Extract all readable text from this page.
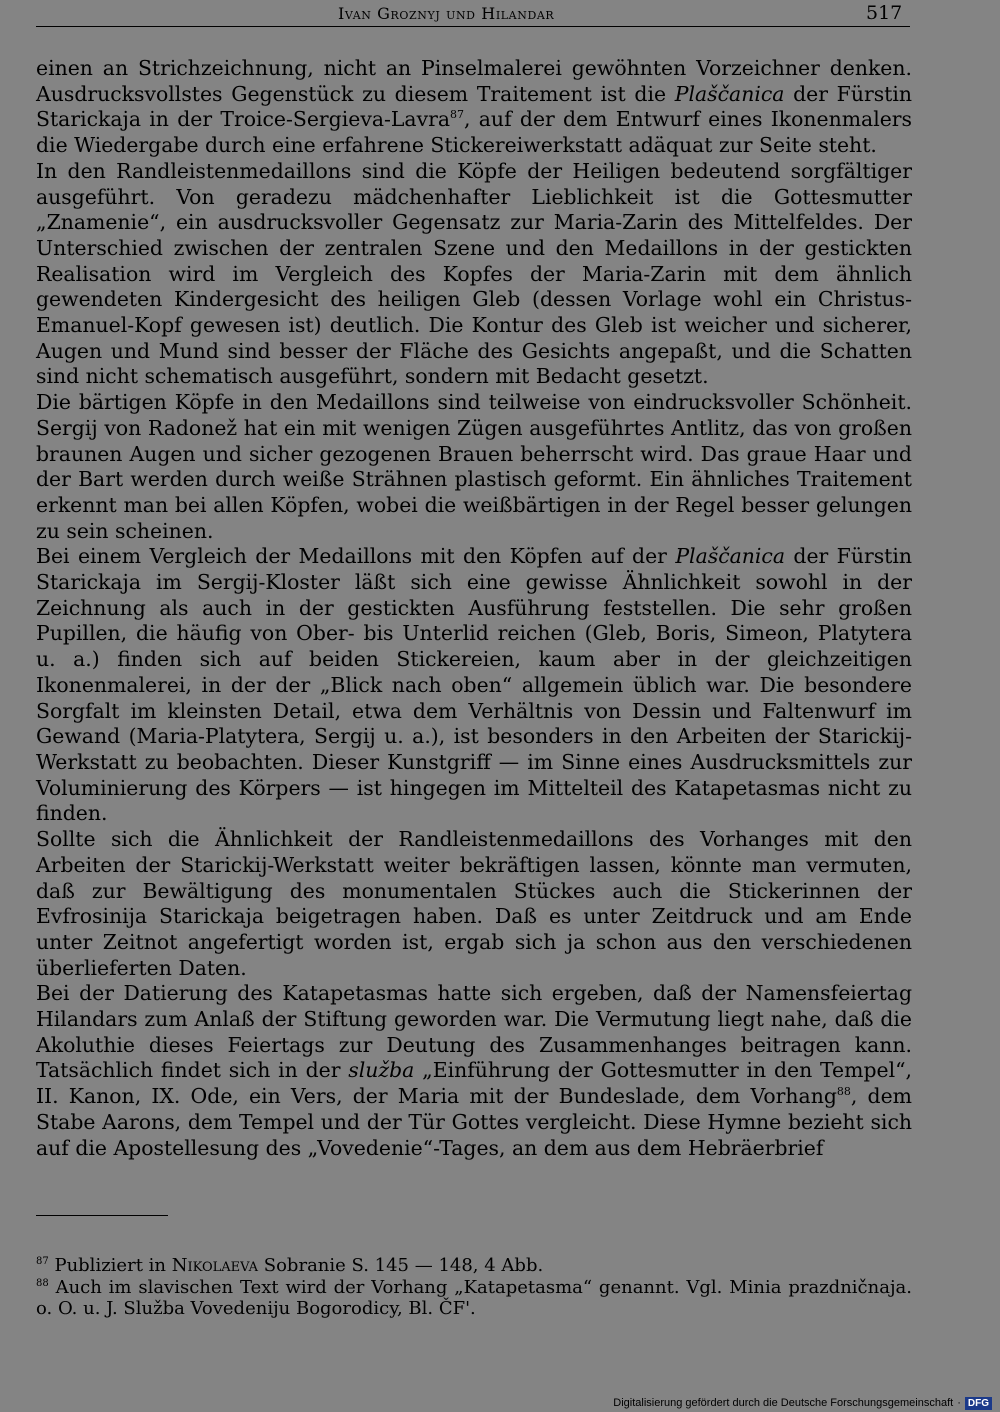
Ivan Groznyj und Hilandar	517

einen an Strichzeichnung, nicht an Pinselmalerei gewöhnten Vorzeichner denken. Ausdrucksvollstes Gegenstück zu diesem Traitement ist die Plaščanica der Fürstin Starickaja in der Troice-Sergieva-Lavra$^{87}$, auf der dem Entwurf eines Ikonenmalers die Wiedergabe durch eine erfahrene Stickereiwerkstatt adäquat zur Seite steht.

In den Randleistenmedaillons sind die Köpfe der Heiligen bedeutend sorgfältiger ausgeführt. Von geradezu mädchenhafter Lieblichkeit ist die Gottesmutter „Znamenie“, ein ausdrucksvoller Gegensatz zur Maria-Zarin des Mittelfeldes. Der Unterschied zwischen der zentralen Szene und den Medaillons in der gestickten Realisation wird im Vergleich des Kopfes der Maria-Zarin mit dem ähnlich gewendeten Kindergesicht des heiligen Gleb (dessen Vorlage wohl ein Christus-Emanuel-Kopf gewesen ist) deutlich. Die Kontur des Gleb ist weicher und sicherer, Augen und Mund sind besser der Fläche des Gesichts angepaßt, und die Schatten sind nicht schematisch ausgeführt, sondern mit Bedacht gesetzt.

Die bärtigen Köpfe in den Medaillons sind teilweise von eindrucksvoller Schönheit. Sergij von Radonež hat ein mit wenigen Zügen ausgeführtes Antlitz, das von großen braunen Augen und sicher gezogenen Brauen beherrscht wird. Das graue Haar und der Bart werden durch weiße Strähnen plastisch geformt. Ein ähnliches Traitement erkennt man bei allen Köpfen, wobei die weißbärtigen in der Regel besser gelungen zu sein scheinen.

Bei einem Vergleich der Medaillons mit den Köpfen auf der Plaščanica der Fürstin Starickaja im Sergij-Kloster läßt sich eine gewisse Ähnlichkeit sowohl in der Zeichnung als auch in der gestickten Ausführung feststellen. Die sehr großen Pupillen, die häufig von Ober- bis Unterlid reichen (Gleb, Boris, Simeon, Platytera u. a.) finden sich auf beiden Stickereien, kaum aber in der gleichzeitigen Ikonenmalerei, in der der „Blick nach oben“ allgemein üblich war. Die besondere Sorgfalt im kleinsten Detail, etwa dem Verhältnis von Dessin und Faltenwurf im Gewand (Maria-Platytera, Sergij u. a.), ist besonders in den Arbeiten der Starickij-Werkstatt zu beobachten. Dieser Kunstgriff — im Sinne eines Ausdrucksmittels zur Voluminierung des Körpers — ist hingegen im Mittelteil des Katapetasmas nicht zu finden.

Sollte sich die Ähnlichkeit der Randleistenmedaillons des Vorhanges mit den Arbeiten der Starickij-Werkstatt weiter bekräftigen lassen, könnte man vermuten, daß zur Bewältigung des monumentalen Stückes auch die Stickerinnen der Evfrosinija Starickaja beigetragen haben. Daß es unter Zeitdruck und am Ende unter Zeitnot angefertigt worden ist, ergab sich ja schon aus den verschiedenen überlieferten Daten.

Bei der Datierung des Katapetasmas hatte sich ergeben, daß der Namensfeiertag Hilandars zum Anlaß der Stiftung geworden war. Die Vermutung liegt nahe, daß die Akoluthie dieses Feiertags zur Deutung des Zusammenhanges beitragen kann. Tatsächlich findet sich in der služba „Einführung der Gottesmutter in den Tempel“, II. Kanon, IX. Ode, ein Vers, der Maria mit der Bundeslade, dem Vorhang$^{88}$, dem Stabe Aarons, dem Tempel und der Tür Gottes vergleicht. Diese Hymne bezieht sich auf die Apostellesung des „Vovedenie“-Tages, an dem aus dem Hebräerbrief

$^{87}$ Publiziert in Nikolaeva Sobranie S. 145 — 148, 4 Abb.

$^{88}$ Auch im slavischen Text wird der Vorhang „Katapetasma“ genannt. Vgl. Minia prazdničnaja. o. O. u. J. Služba Vovedeniju Bogorodicy, Bl. ČF'.

Digitalisierung gefördert durch die Deutsche Forschungsgemeinschaft · DFG
